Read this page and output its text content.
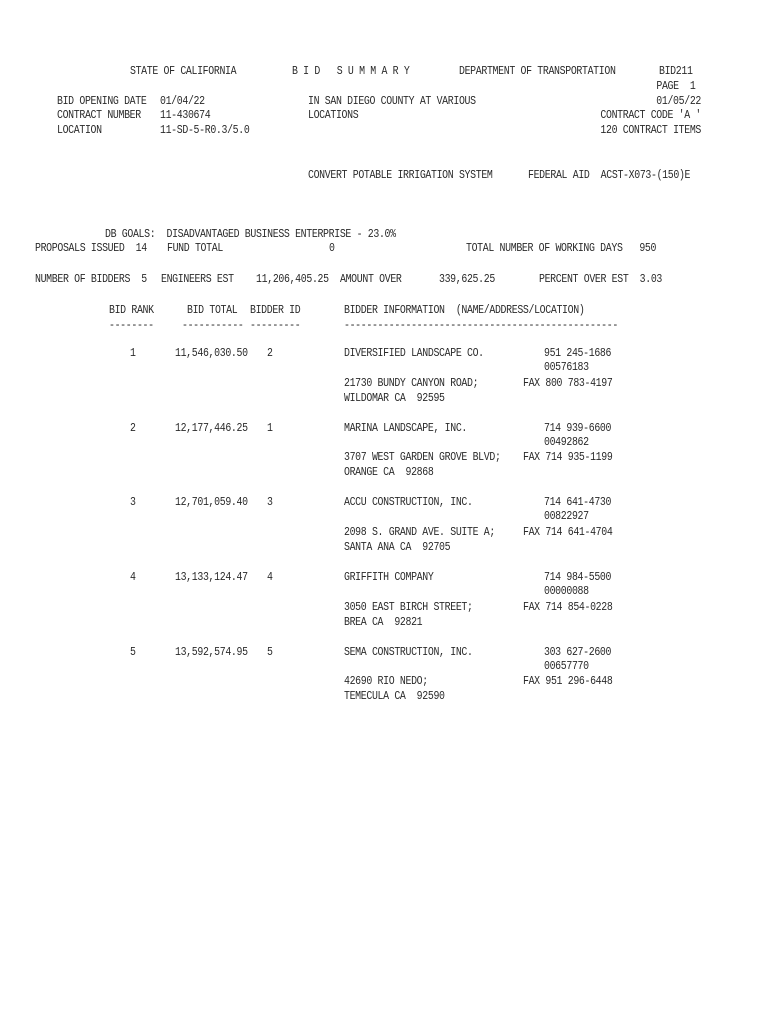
STATE OF CALIFORNIA	B I D   S U M M A R Y	DEPARTMENT OF TRANSPORTATION	BID211
PAGE  1
BID OPENING DATE 01/04/22	IN SAN DIEGO COUNTY AT VARIOUS	01/05/22
CONTRACT NUMBER 11-430674	LOCATIONS	CONTRACT CODE 'A '
LOCATION	11-SD-5-R0.3/5.0	120 CONTRACT ITEMS
CONVERT POTABLE IRRIGATION SYSTEM	FEDERAL AID  ACST-X073-(150)E
DB GOALS:  DISADVANTAGED BUSINESS ENTERPRISE - 23.0%
PROPOSALS ISSUED  14 FUND TOTAL	0	TOTAL NUMBER OF WORKING DAYS   950
NUMBER OF BIDDERS  5 ENGINEERS EST    11,206,405.25 AMOUNT OVER	339,625.25	PERCENT OVER EST  3.03
BID RANK	BID TOTAL BIDDER ID	BIDDER INFORMATION  (NAME/ADDRESS/LOCATION)
-------- ----------- ---------	-------------------------------------------------
1	11,546,030.50 2	DIVERSIFIED LANDSCAPE CO.	951 245-1686
00576183
21730 BUNDY CANYON ROAD;	FAX 800 783-4197
WILDOMAR CA  92595
2	12,177,446.25 1	MARINA LANDSCAPE, INC.	714 939-6600
00492862
3707 WEST GARDEN GROVE BLVD; FAX 714 935-1199
ORANGE CA  92868
3	12,701,059.40 3	ACCU CONSTRUCTION, INC.	714 641-4730
00822927
2098 S. GRAND AVE. SUITE A; FAX 714 641-4704
SANTA ANA CA  92705
4	13,133,124.47 4	GRIFFITH COMPANY	714 984-5500
00000088
3050 EAST BIRCH STREET;	FAX 714 854-0228
BREA CA  92821
5	13,592,574.95 5	SEMA CONSTRUCTION, INC.	303 627-2600
00657770
42690 RIO NEDO;	FAX 951 296-6448
TEMECULA CA  92590
